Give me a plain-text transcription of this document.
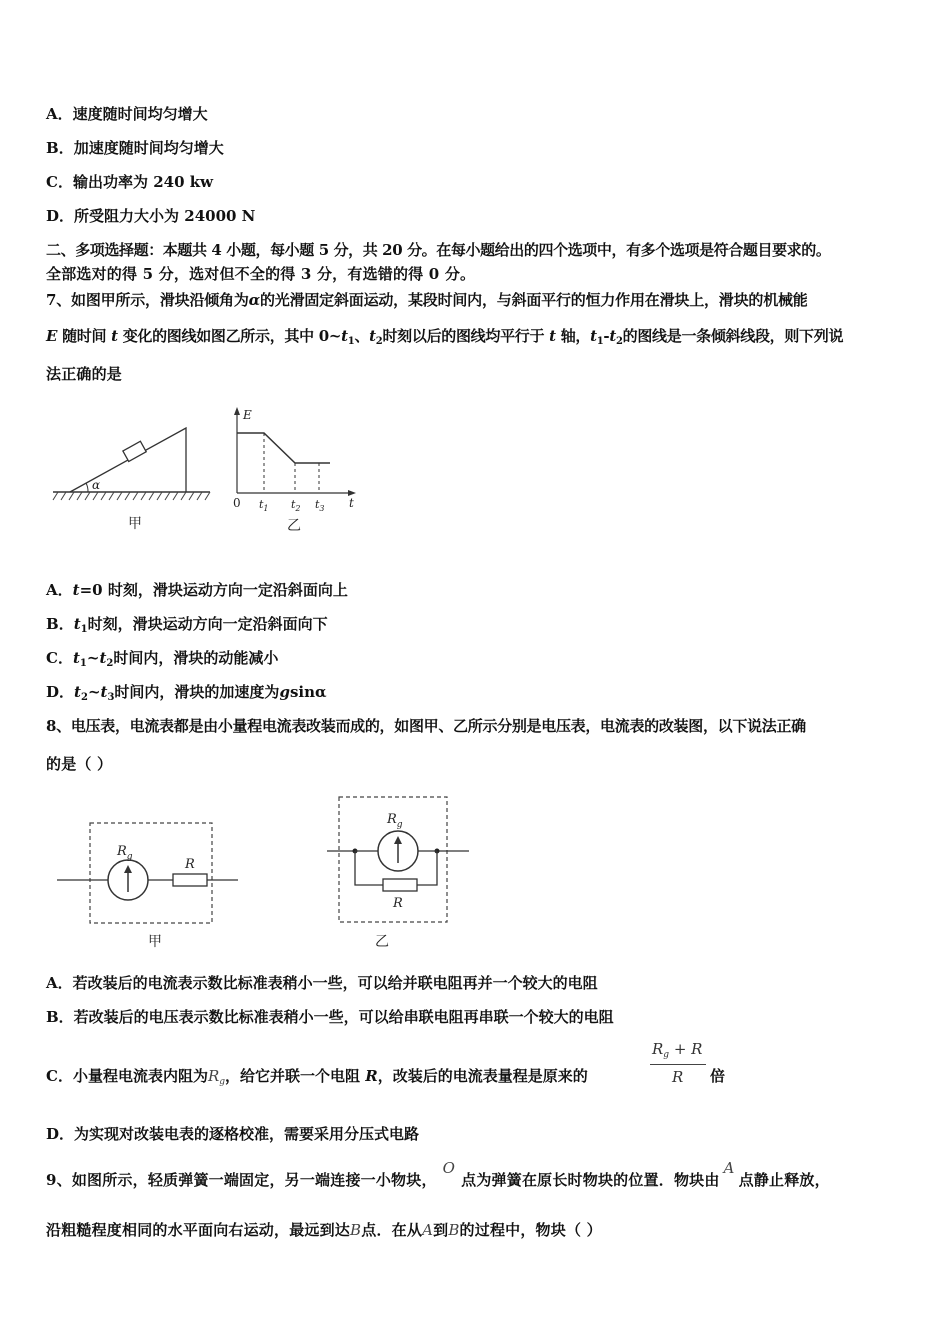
A．速度随时间均匀增大
B．加速度随时间均匀增大
C．输出功率为 240 kw
D．所受阻力大小为 24000 N
二、多项选择题：本题共 4 小题，每小题 5 分，共 20 分。在每小题给出的四个选项中，有多个选项是符合题目要求的。
全部选对的得 5 分，选对但不全的得 3 分，有选错的得 0 分。
7、如图甲所示，滑块沿倾角为α的光滑固定斜面运动，某段时间内，与斜面平行的恒力作用在滑块上，滑块的机械能
E 随时间 t 变化的图线如图乙所示，其中 $0\sim t_1$、$t_2$时刻以后的图线均平行于 t 轴，$t_1-t_2$的图线是一条倾斜线段，则下列说
法正确的是
α
甲
E
t
0 $t_1$ $t_2$ $t_3$
乙
A．t=0 时刻，滑块运动方向一定沿斜面向上
B．$t_1$时刻，滑块运动方向一定沿斜面向下
C．$t_1\sim t_2$时间内，滑块的动能减小
D．$t_2\sim t_3$时间内，滑块的加速度为gsinα
8、电压表，电流表都是由小量程电流表改装而成的，如图甲、乙所示分别是电压表，电流表的改装图，以下说法正确
的是（ ）
$R_g$	R
甲
$R_g$
R
乙
A．若改装后的电流表示数比标准表稍小一些，可以给并联电阻再并一个较大的电阻
B．若改装后的电压表示数比标准表稍小一些，可以给串联电阻再串联一个较大的电阻
C．小量程电流表内阻为$R_g$，给它并联一个电阻 R，改装后的电流表量程是原来的
$R_g + R$
R 倍
D．为实现对改装电表的逐格校准，需要采用分压式电路
9、如图所示，轻质弹簧一端固定，另一端连接一小物块，O点为弹簧在原长时物块的位置．物块由A点静止释放，
沿粗糙程度相同的水平面向右运动，最远到达B点．在从A到B的过程中，物块（ ）
